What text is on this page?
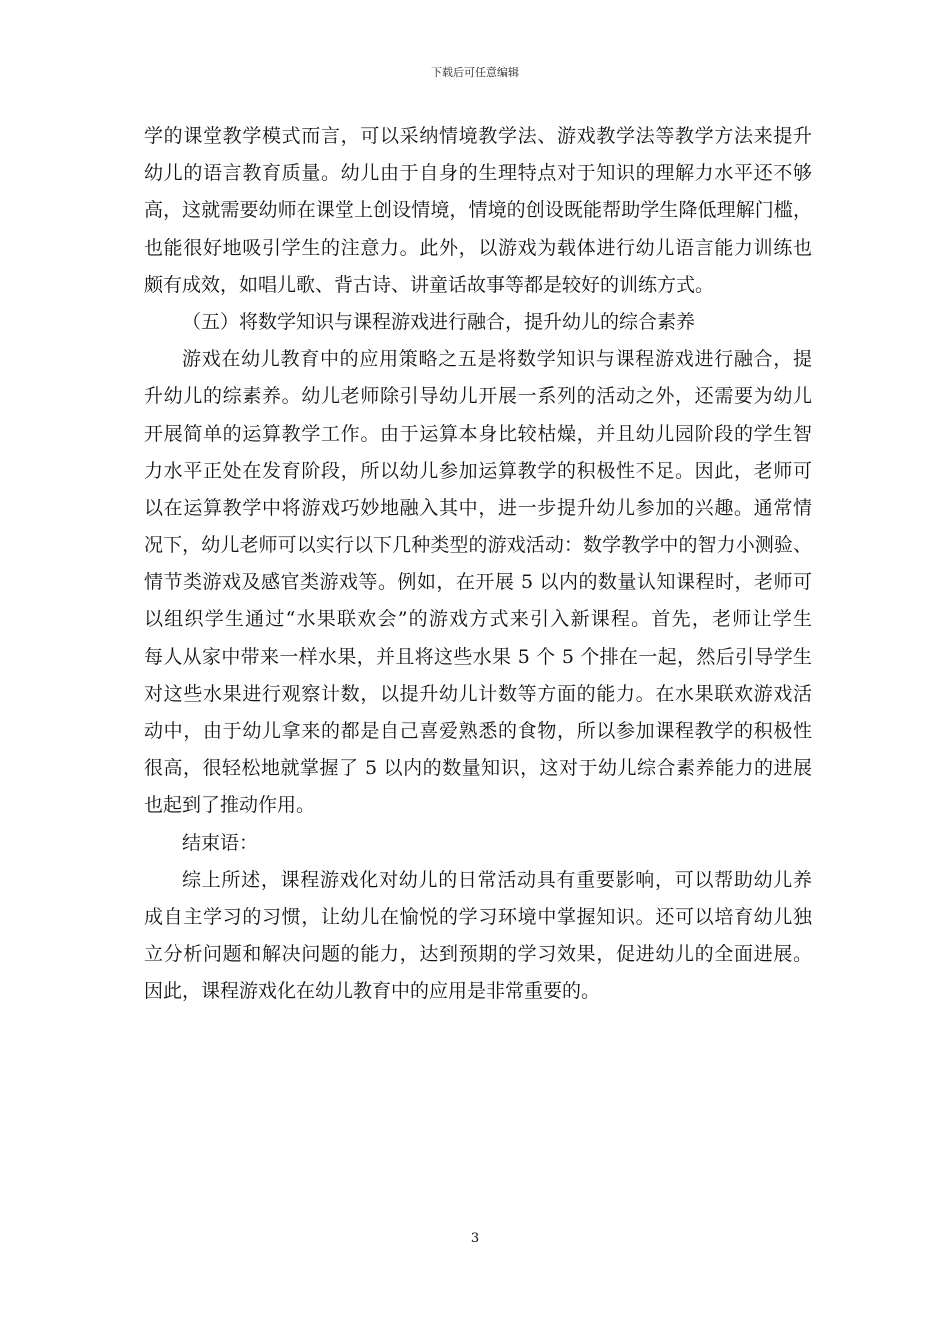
下载后可任意编辑
学的课堂教学模式而言，可以采纳情境教学法、游戏教学法等教学方法来提升
幼儿的语言教育质量。幼儿由于自身的生理特点对于知识的理解力水平还不够
高，这就需要幼师在课堂上创设情境，情境的创设既能帮助学生降低理解门槛，
也能很好地吸引学生的注意力。此外，以游戏为载体进行幼儿语言能力训练也
颇有成效，如唱儿歌、背古诗、讲童话故事等都是较好的训练方式。
（五）将数学知识与课程游戏进行融合，提升幼儿的综合素养
游戏在幼儿教育中的应用策略之五是将数学知识与课程游戏进行融合，提
升幼儿的综素养。幼儿老师除引导幼儿开展一系列的活动之外，还需要为幼儿
开展简单的运算教学工作。由于运算本身比较枯燥，并且幼儿园阶段的学生智
力水平正处在发育阶段，所以幼儿参加运算教学的积极性不足。因此，老师可
以在运算教学中将游戏巧妙地融入其中，进一步提升幼儿参加的兴趣。通常情
况下，幼儿老师可以实行以下几种类型的游戏活动：数学教学中的智力小测验、
情节类游戏及感官类游戏等。例如，在开展 5 以内的数量认知课程时，老师可
以组织学生通过“水果联欢会”的游戏方式来引入新课程。首先，老师让学生
每人从家中带来一样水果，并且将这些水果 5 个 5 个排在一起，然后引导学生
对这些水果进行观察计数，以提升幼儿计数等方面的能力。在水果联欢游戏活
动中，由于幼儿拿来的都是自己喜爱熟悉的食物，所以参加课程教学的积极性
很高，很轻松地就掌握了 5 以内的数量知识，这对于幼儿综合素养能力的进展
也起到了推动作用。
结束语：
综上所述，课程游戏化对幼儿的日常活动具有重要影响，可以帮助幼儿养
成自主学习的习惯，让幼儿在愉悦的学习环境中掌握知识。还可以培育幼儿独
立分析问题和解决问题的能力，达到预期的学习效果，促进幼儿的全面进展。
因此，课程游戏化在幼儿教育中的应用是非常重要的。
3
